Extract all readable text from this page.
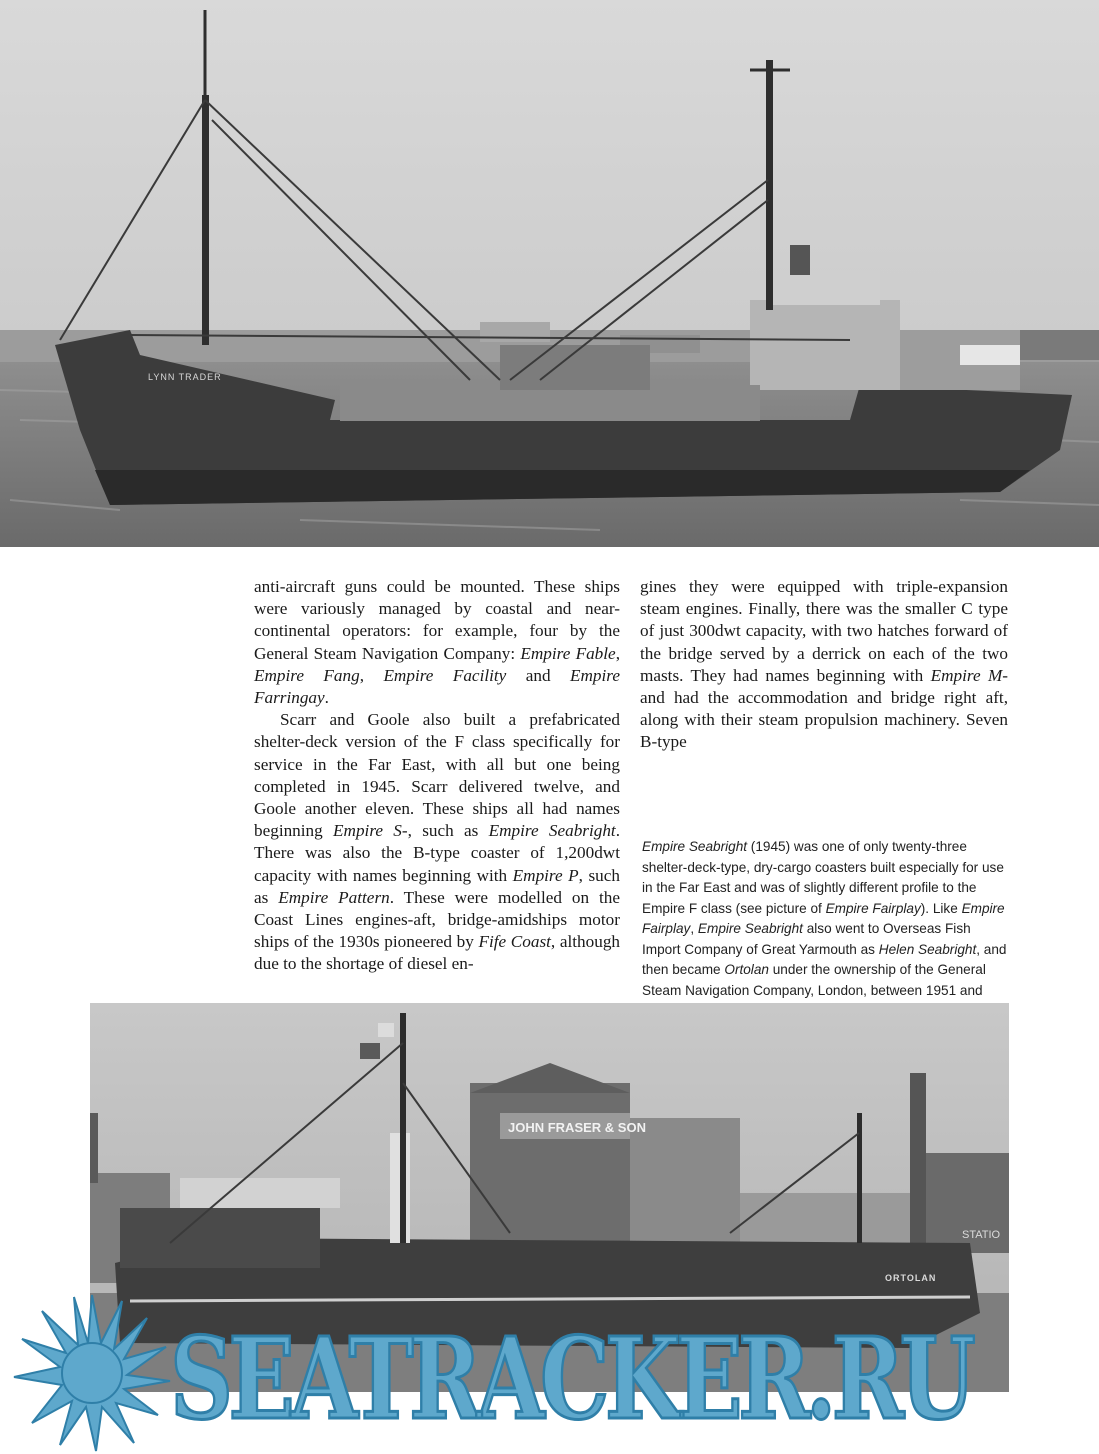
LYNN TRADER

anti-aircraft guns could be mounted. These ships were variously managed by coastal and near-continental operators: for example, four by the General Steam Navigation Company: Empire Fable, Empire Fang, Empire Facility and Empire Farringay.

Scarr and Goole also built a prefabricated shelter-deck version of the F class specifically for service in the Far East, with all but one being completed in 1945. Scarr delivered twelve, and Goole another eleven. These ships all had names beginning Empire S-, such as Empire Seabright. There was also the B-type coaster of 1,200dwt capacity with names beginning with Empire P, such as Empire Pattern. These were modelled on the Coast Lines engines-aft, bridge-amidships motor ships of the 1930s pioneered by Fife Coast, although due to the shortage of diesel en-

gines they were equipped with triple-expansion steam engines. Finally, there was the smaller C type of just 300dwt capacity, with two hatches forward of the bridge served by a derrick on each of the two masts. They had names beginning with Empire M- and had the accommodation and bridge right aft, along with their steam propulsion machinery. Seven B-type

Empire Seabright (1945) was one of only twenty-three shelter-deck-type, dry-cargo coasters built especially for use in the Far East and was of slightly different profile to the Empire F class (see picture of Empire Fairplay). Like Empire Fairplay, Empire Seabright also went to Overseas Fish Import Company of Great Yarmouth as Helen Seabright, and then became Ortolan under the ownership of the General Steam Navigation Company, London, between 1951 and
JOHN FRASER & SON
STATIO
ORTOLAN
SEATRACKER.RU
